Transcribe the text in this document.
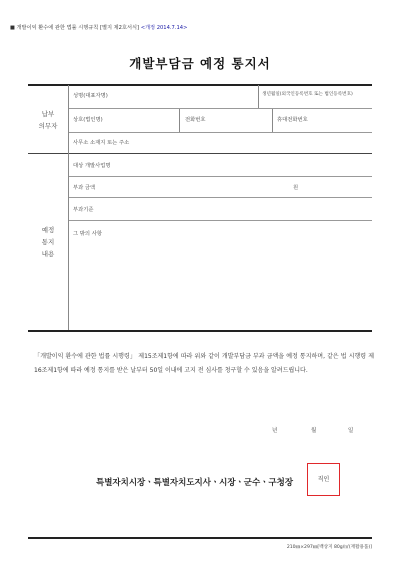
■ 개발이익 환수에 관한 법률 시행규칙 [별지 제2호서식] <개정 2014.7.14>
개발부담금 예정 통지서
납부
의무자
성명(대표자명)	생년월일(외국인등록번호 또는 법인등록번호)
상호(법인명)	전화번호	휴대전화번호
사무소 소재지 또는 주소
예정
통지
내용
대상 개발사업명
부과 금액	원
부과기준
그 밖의 사항
「개발이익 환수에 관한 법률 시행령」 제15조제1항에 따라 위와 같이 개발부담금 부과 금액을 예정 통지하며, 같은 법 시행령 제16조제1항에 따라 예정 통지를 받은 날부터 50일 이내에 고지 전 심사를 청구할 수 있음을 알려드립니다.
년	월	일
특별자치시장ㆍ특별자치도지사ㆍ시장ㆍ군수ㆍ구청장	직인
210㎜×297㎜[백상지 80g/㎡(재활용품)]
